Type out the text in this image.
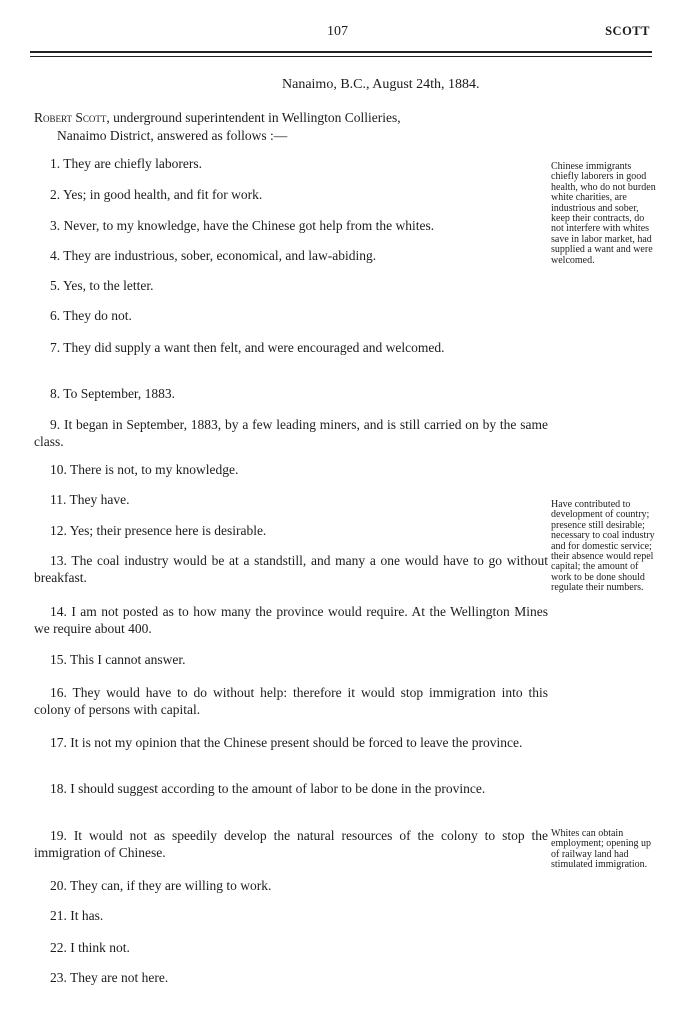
107	SCOTT
Nanaimo, B.C., August 24th, 1884.
Robert Scott, underground superintendent in Wellington Collieries,
Nanaimo District, answered as follows :—
1. They are chiefly laborers.
2. Yes; in good health, and fit for work.
3. Never, to my knowledge, have the Chinese got help from the whites.
4. They are industrious, sober, economical, and law-abiding.
5. Yes, to the letter.
6. They do not.
7. They did supply a want then felt, and were encouraged and welcomed.
8. To September, 1883.
9. It began in September, 1883, by a few leading miners, and is still carried on by the same class.
10. There is not, to my knowledge.
11. They have.
12. Yes; their presence here is desirable.
13. The coal industry would be at a standstill, and many a one would have to go without breakfast.
14. I am not posted as to how many the province would require. At the Wellington Mines we require about 400.
15. This I cannot answer.
16. They would have to do without help: therefore it would stop immigration into this colony of persons with capital.
17. It is not my opinion that the Chinese present should be forced to leave the province.
18. I should suggest according to the amount of labor to be done in the province.
19. It would not as speedily develop the natural resources of the colony to stop the immigration of Chinese.
20. They can, if they are willing to work.
21. It has.
22. I think not.
23. They are not here.
Chinese immigrants chiefly laborers in good health, who do not burden white charities, are industrious and sober, keep their contracts, do not interfere with whites save in labor market, had supplied a want and were welcomed.
Have contributed to development of country; presence still desirable; necessary to coal industry and for domestic service; their absence would repel capital; the amount of work to be done should regulate their numbers.
Whites can obtain employment; opening up of railway land had stimulated immigration.
